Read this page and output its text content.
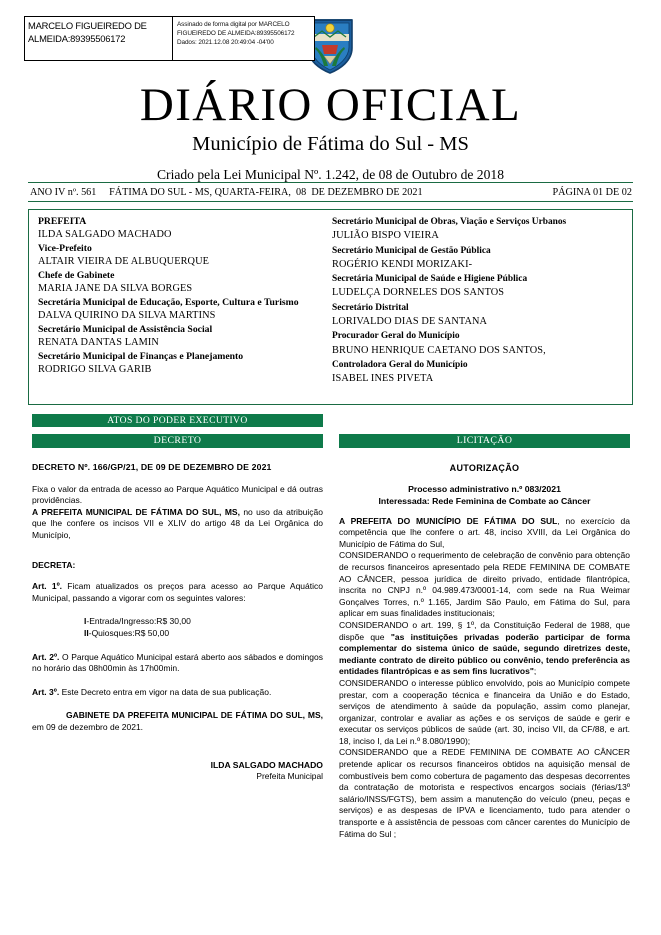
MARCELO FIGUEIREDO DE ALMEIDA:89395506172
Assinado de forma digital por MARCELO FIGUEIREDO DE ALMEIDA:89395506172 Dados: 2021.12.08 20:49:04 -04'00
DIÁRIO OFICIAL
Município de Fátima do Sul - MS
Criado pela Lei Municipal Nº. 1.242, de 08 de Outubro de 2018
ANO IV nº. 561     FÁTIMA DO SUL - MS, QUARTA-FEIRA,  08  DE DEZEMBRO DE 2021	PÁGINA 01 DE 02
PREFEITA
ILDA SALGADO MACHADO
Vice-Prefeito
ALTAIR VIEIRA DE ALBUQUERQUE
Chefe de Gabinete
MARIA JANE DA SILVA BORGES
Secretária Municipal de Educação, Esporte, Cultura e Turismo
DALVA QUIRINO DA SILVA MARTINS
Secretário Municipal de Assistência Social
RENATA DANTAS LAMIN
Secretário Municipal de Finanças e Planejamento
RODRIGO SILVA GARIB
Secretário Municipal de Obras, Viação e Serviços Urbanos
JULIÃO BISPO VIEIRA
Secretário Municipal de Gestão Pública
ROGÉRIO KENDI MORIZAKI-
Secretária Municipal de Saúde e Higiene Pública
LUDELÇA DORNELES DOS SANTOS
Secretário Distrital
LORIVALDO DIAS DE SANTANA
Procurador Geral do Município
BRUNO HENRIQUE CAETANO DOS SANTOS,
Controladora Geral do Município
ISABEL INES PIVETA
ATOS DO PODER EXECUTIVO
DECRETO	LICITAÇÃO
DECRETO Nº. 166/GP/21, DE 09 DE DEZEMBRO DE 2021
Fixa o valor da entrada de acesso ao Parque Aquático Municipal e dá outras providências.
A PREFEITA MUNICIPAL DE FÁTIMA DO SUL, MS, no uso da atribuição que lhe confere os incisos VII e XLIV do artigo 48 da Lei Orgânica do Município,
DECRETA:
Art. 1º. Ficam atualizados os preços para acesso ao Parque Aquático Municipal, passando a vigorar com os seguintes valores:
I-Entrada/Ingresso:R$ 30,00
II-Quiosques:R$ 50,00
Art. 2º. O Parque Aquático Municipal estará aberto aos sábados e domingos no horário das 08h00min às 17h00min.
Art. 3º. Este Decreto entra em vigor na data de sua publicação.
GABINETE DA PREFEITA MUNICIPAL DE FÁTIMA DO SUL, MS, em 09 de dezembro de 2021.
ILDA SALGADO MACHADO
Prefeita Municipal
AUTORIZAÇÃO
Processo administrativo n.º 083/2021
Interessada: Rede Feminina de Combate ao Câncer
A PREFEITA DO MUNICÍPIO DE FÁTIMA DO SUL, no exercício da competência que lhe confere o art. 48, inciso XVIII, da Lei Orgânica do Município de Fátima do Sul,
CONSIDERANDO o requerimento de celebração de convênio para obtenção de recursos financeiros apresentado pela REDE FEMININA DE COMBATE AO CÂNCER, pessoa jurídica de direito privado, entidade filantrópica, inscrita no CNPJ n.º 04.989.473/0001-14, com sede na Rua Weimar Gonçalves Torres, n.º 1.165, Jardim São Paulo, em Fátima do Sul, para aplicar em suas finalidades institucionais;
CONSIDERANDO o art. 199, § 1º, da Constituição Federal de 1988, que dispõe que "as instituições privadas poderão participar de forma complementar do sistema único de saúde, segundo diretrizes deste, mediante contrato de direito público ou convênio, tendo preferência as entidades filantrópicas e as sem fins lucrativos";
CONSIDERANDO o interesse público envolvido, pois ao Município compete prestar, com a cooperação técnica e financeira da União e do Estado, serviços de atendimento à saúde da população, assim como planejar, organizar, controlar e avaliar as ações e os serviços de saúde e gerir e executar os serviços públicos de saúde (art. 30, inciso VII, da CF/88, e art. 18, inciso I, da Lei n.º 8.080/1990);
CONSIDERANDO que a REDE FEMININA DE COMBATE AO CÂNCER pretende aplicar os recursos financeiros obtidos na aquisição mensal de combustíveis bem como cobertura de pagamento das despesas decorrentes da contratação de motorista e respectivos encargos sociais (férias/13º salário/INSS/FGTS), bem assim a manutenção do veículo (pneu, peças e serviços) e as despesas de IPVA e licenciamento, tudo para atender o transporte e à assistência de pessoas com câncer carentes do Município de Fátima do Sul ;
